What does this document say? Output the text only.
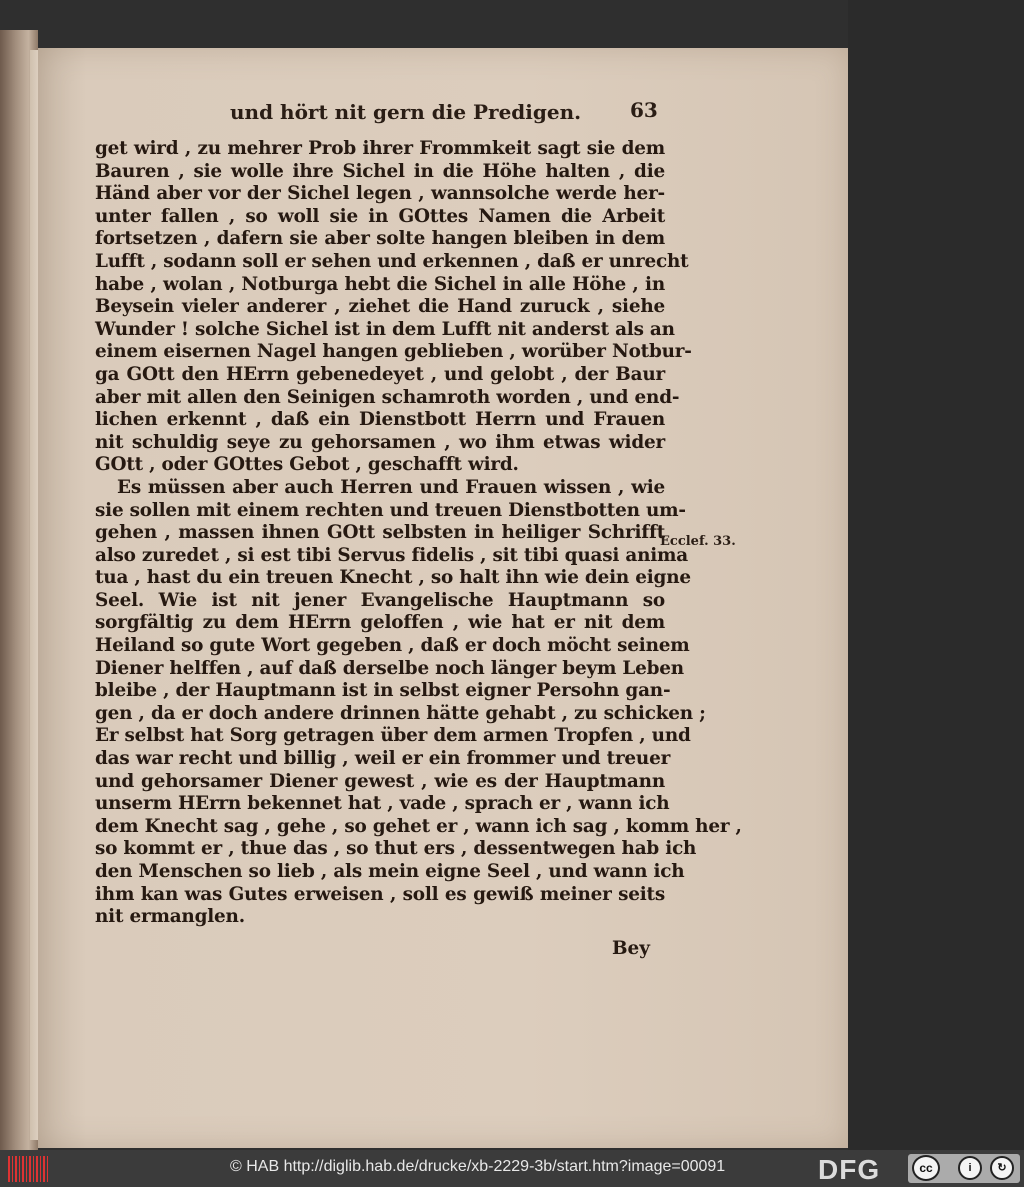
und hört nit gern die Predigen. 63
get wird , zu mehrer Prob ihrer Frommkeit sagt sie dem
Bauren , sie wolle ihre Sichel in die Höhe halten , die
Händ aber vor der Sichel legen , wannsolche werde her-
unter fallen , so woll sie in GOttes Namen die Arbeit
fortsetzen , dafern sie aber solte hangen bleiben in dem
Lufft , sodann soll er sehen und erkennen , daß er unrecht
habe , wolan , Notburga hebt die Sichel in alle Höhe , in
Beysein vieler anderer , ziehet die Hand zuruck , siehe
Wunder ! solche Sichel ist in dem Lufft nit anderst als an
einem eisernen Nagel hangen geblieben , worüber Notbur-
ga GOtt den HErrn gebenedeyet , und gelobt , der Baur
aber mit allen den Seinigen schamroth worden , und end-
lichen erkennt , daß ein Dienstbott Herrn und Frauen
nit schuldig seye zu gehorsamen , wo ihm etwas wider
GOtt , oder GOttes Gebot , geschafft wird.
Es müssen aber auch Herren und Frauen wissen , wie
sie sollen mit einem rechten und treuen Dienstbotten um-
gehen , massen ihnen GOtt selbsten in heiliger Schrifft
also zuredet , si est tibi Servus fidelis , sit tibi quasi anima
tua , hast du ein treuen Knecht , so halt ihn wie dein eigne
Seel. Wie ist nit jener Evangelische Hauptmann so
sorgfältig zu dem HErrn geloffen , wie hat er nit dem
Heiland so gute Wort gegeben , daß er doch möcht seinem
Diener helffen , auf daß derselbe noch länger beym Leben
bleibe , der Hauptmann ist in selbst eigner Persohn gan-
gen , da er doch andere drinnen hätte gehabt , zu schicken ;
Er selbst hat Sorg getragen über dem armen Tropfen , und
das war recht und billig , weil er ein frommer und treuer
und gehorsamer Diener gewest , wie es der Hauptmann
unserm HErrn bekennet hat , vade , sprach er , wann ich
dem Knecht sag , gehe , so gehet er , wann ich sag , komm her ,
so kommt er , thue das , so thut ers , dessentwegen hab ich
den Menschen so lieb , als mein eigne Seel , und wann ich
ihm kan was Gutes erweisen , soll es gewiß meiner seits
nit ermanglen.
Ecclef. 33.
Bey
© HAB http://diglib.hab.de/drucke/xb-2229-3b/start.htm?image=00091	DFG	cc	i	↻
